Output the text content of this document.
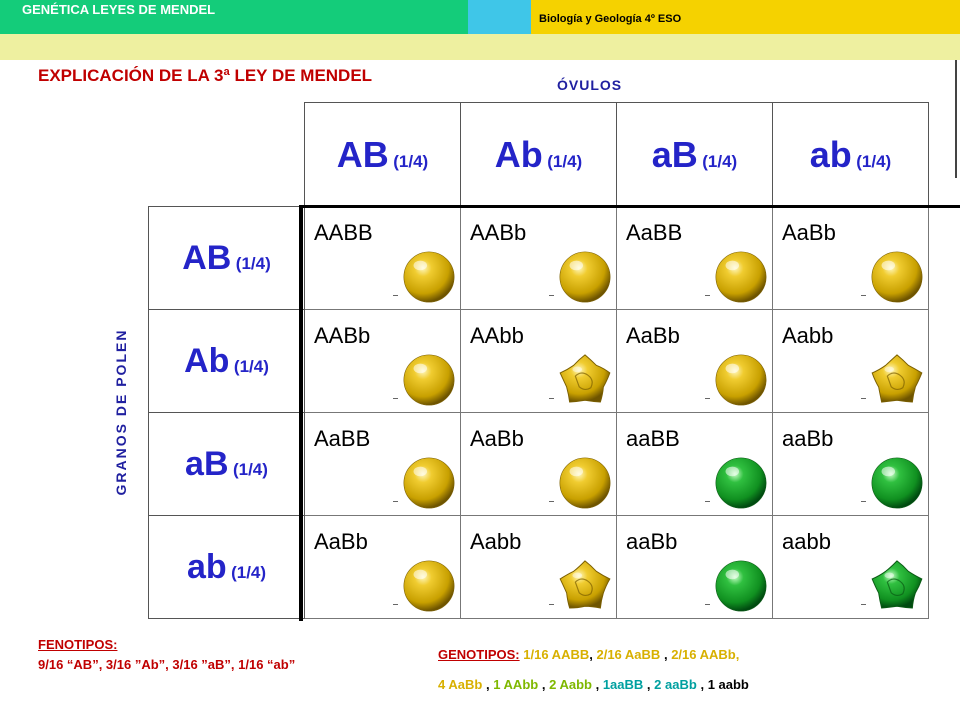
GENÉTICA LEYES DE MENDEL
Biología y Geología 4º ESO
EXPLICACIÓN DE LA 3ª LEY DE MENDEL	ÓVULOS
GRANOS DE POLEN
	AB (1/4)	Ab (1/4)	aB (1/4)	ab (1/4)
AB (1/4)	AABB	AABb	AaBB	AaBb

Ab (1/4)	AABb	AAbb	AaBb	Aabb

aB (1/4)	AaBB	AaBb	aaBB	aaBb

ab (1/4)	AaBb	Aabb	aaBb	aabb
FENOTIPOS:
9/16 “AB”, 3/16 ”Ab”, 3/16 ”aB”, 1/16 “ab”
GENOTIPOS: 1/16 AABB, 2/16 AaBB , 2/16 AABb,
4 AaBb , 1 AAbb , 2 Aabb , 1aaBB , 2 aaBb , 1 aabb
